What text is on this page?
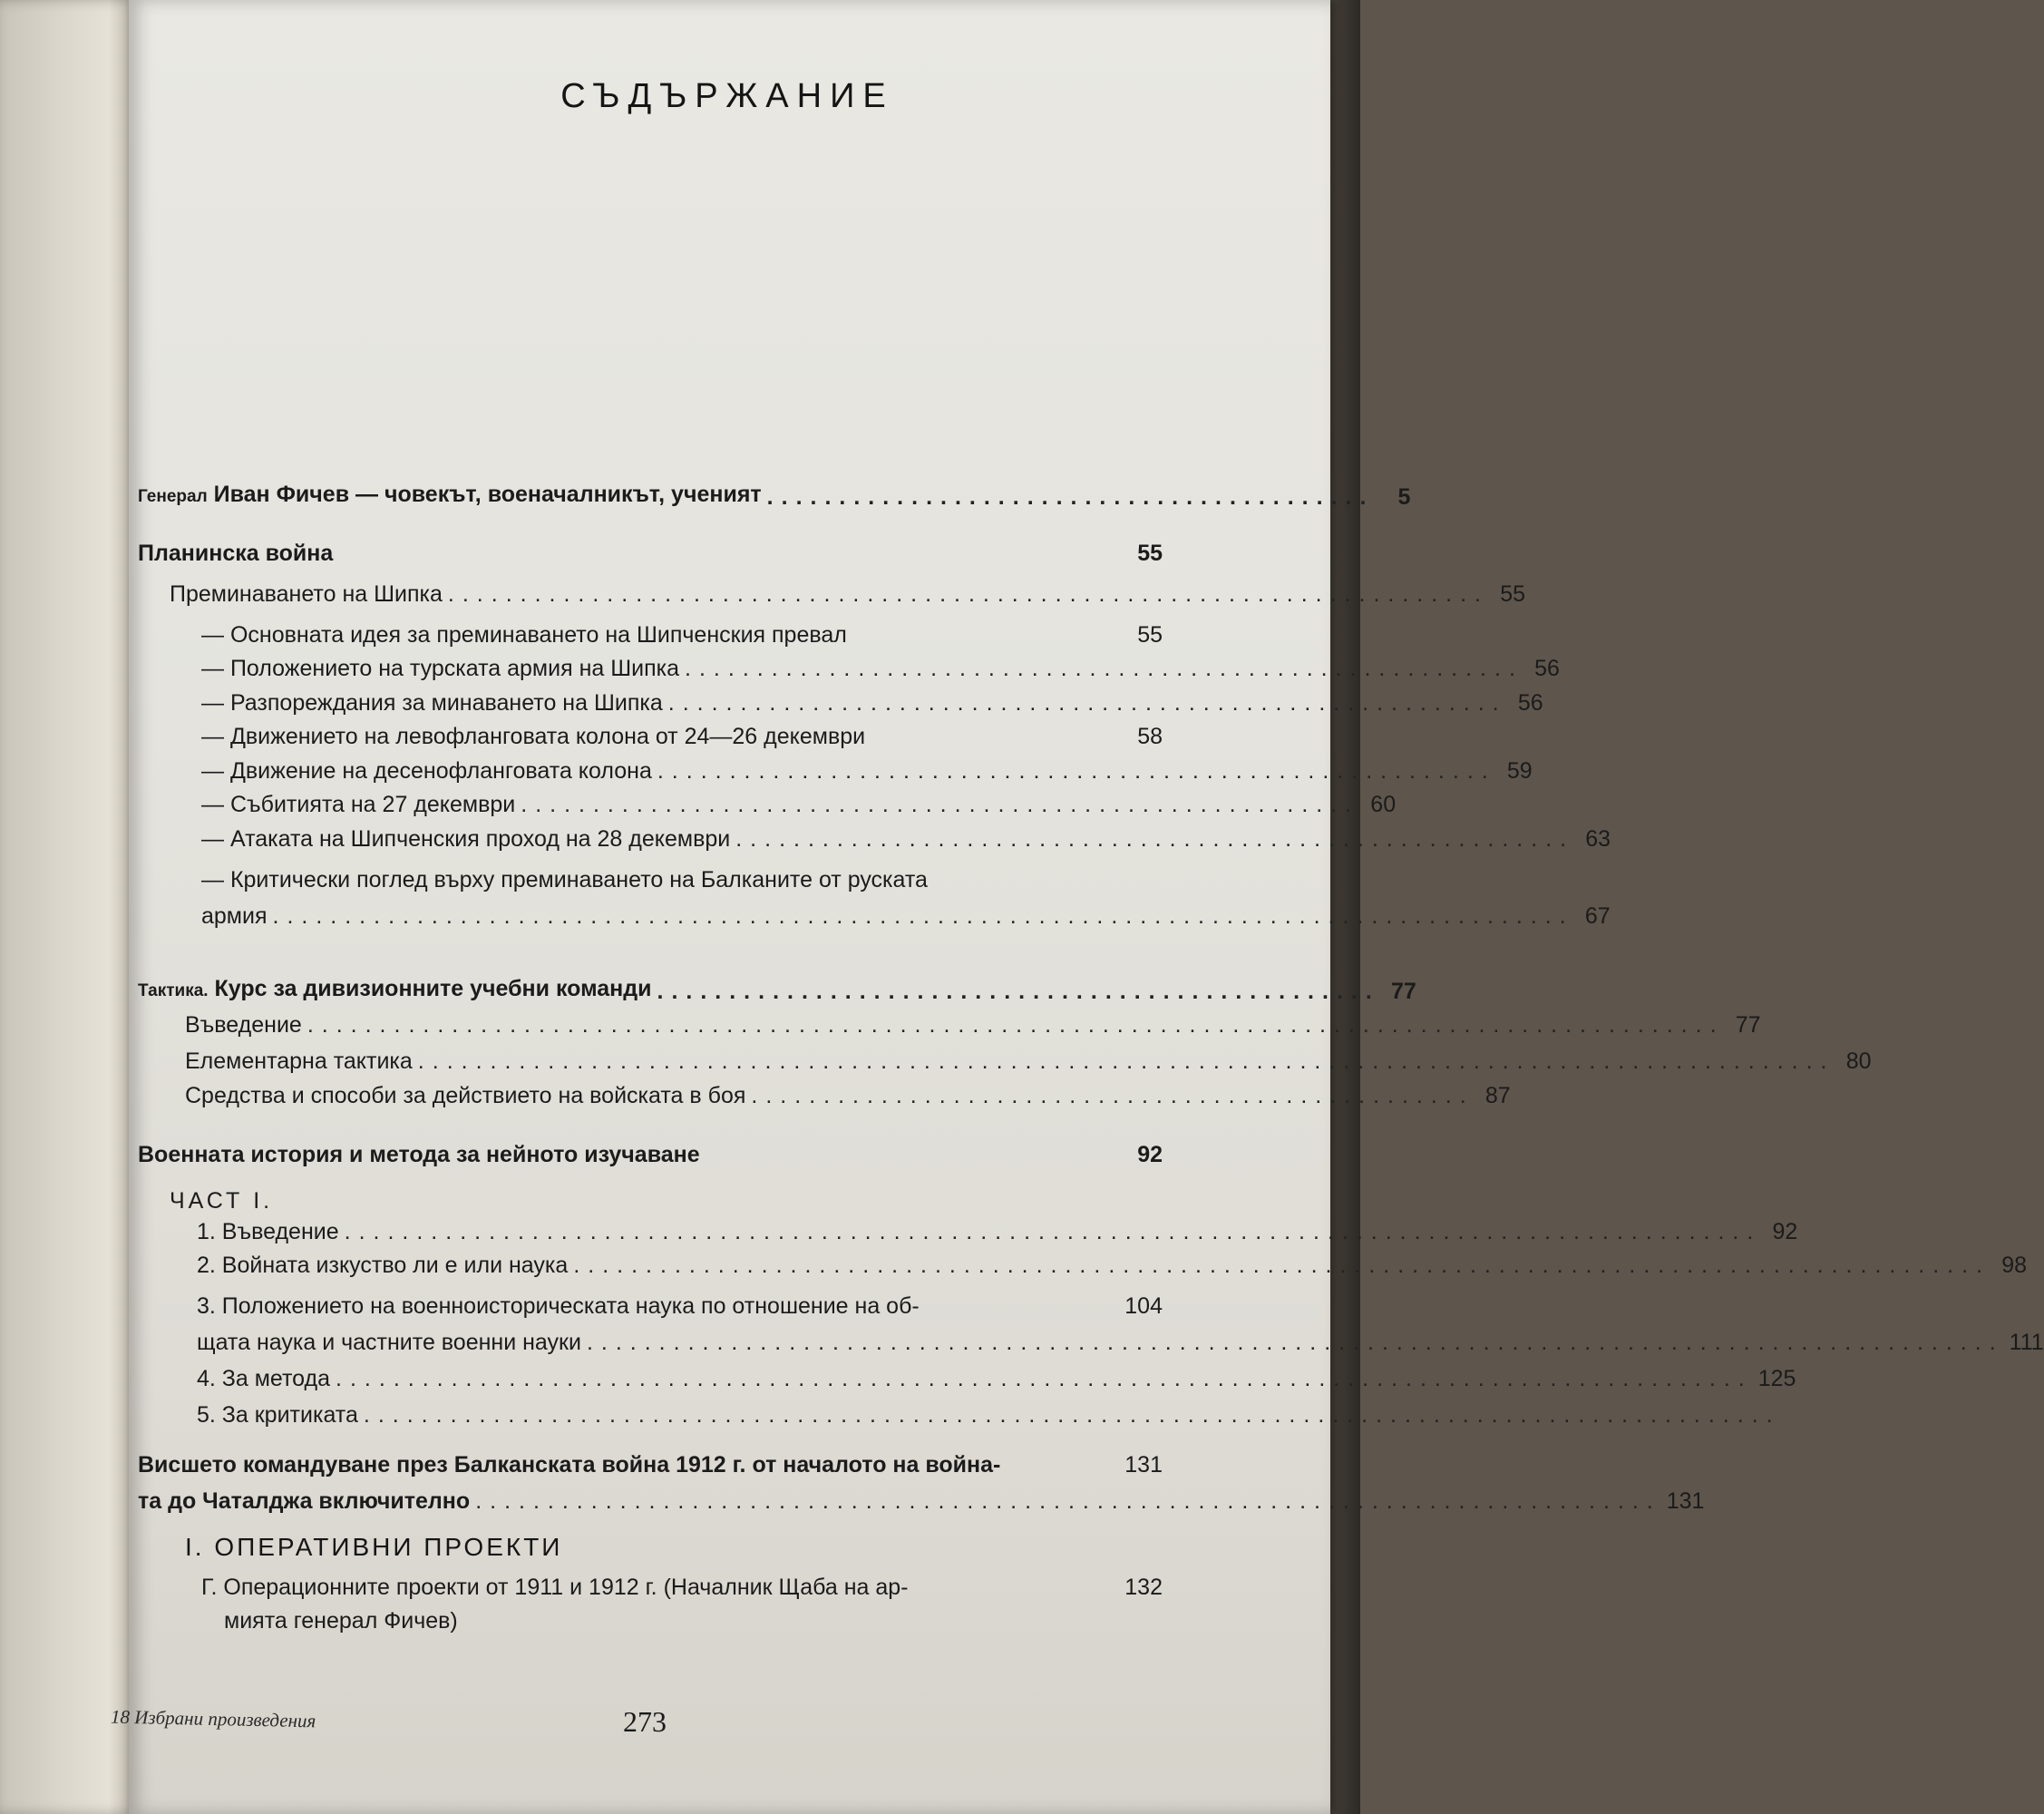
СЪДЪРЖАНИЕ
Генерал Иван Фичев — човекът, военачалникът, ученият ..........................................	5
Планинска война	55
Преминаването на Шипка ........................................................................ 55
— Основната идея за преминаването на Шипченския превал	55
— Положението на турската армия на Шипка .......................................................... 56
— Разпореждания за минаването на Шипка .......................................................... 56
— Движението на левофланговата колона от 24—26 декември	58
— Движение на десенофланговата колона .......................................................... 59
— Събитията на 27 декември .......................................................... 60
— Атаката на Шипченския проход на 28 декември .......................................................... 63
— Критически поглед върху преминаването на Балканите от руската
армия .......................................................................................... 67
Тактика. Курс за дивизионните учебни команди .................................................. 77
Въведение .................................................................................................. 77
Елементарна тактика .................................................................................................. 80
Средства и способи за действието на войската в боя .................................................. 87
Военната история и метода за нейното изучаване	92
ЧАСТ I.
1. Въведение .................................................................................................. 92
2. Войната изкуство ли е или наука .................................................................................................. 98
3. Положението на военноисторическата наука по отношение на об-	104
щата наука и частните военни науки .................................................................................................. 111
4. За метода .................................................................................................. 125
5. За критиката ..................................................................................................
Висшето командуване през Балканската война 1912 г. от началото на война-	131
та до Чаталджа включително .................................................................................. 131
I. ОПЕРАТИВНИ ПРОЕКТИ
Г. Операционните проекти от 1911 и 1912 г. (Началник Щаба на ар-	132
мията генерал Фичев)
18 Избрани произведения	273
